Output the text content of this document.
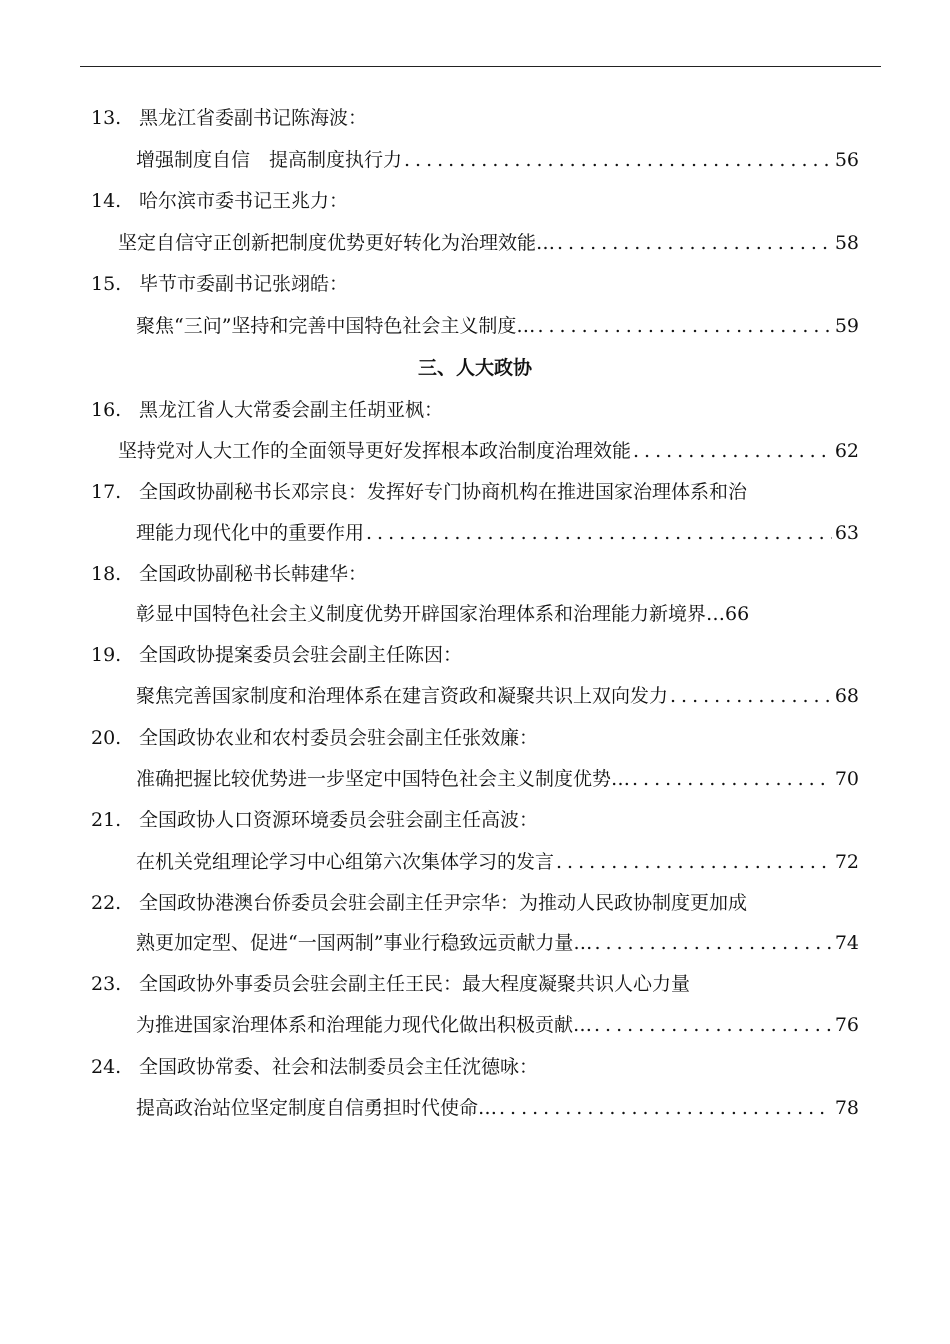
13. 黑龙江省委副书记陈海波：
增强制度自信　提高制度执行力 .....	56
14. 哈尔滨市委书记王兆力：
坚定自信守正创新把制度优势更好转化为治理效能… .....	58
15. 毕节市委副书记张翊皓：
聚焦“三问”坚持和完善中国特色社会主义制度… .....	59
三、人大政协
16. 黑龙江省人大常委会副主任胡亚枫：
坚持党对人大工作的全面领导更好发挥根本政治制度治理效能 .....	62
17. 全国政协副秘书长邓宗良：发挥好专门协商机构在推进国家治理体系和治
理能力现代化中的重要作用 .....	63
18. 全国政协副秘书长韩建华：
彰显中国特色社会主义制度优势开辟国家治理体系和治理能力新境界… 66
19. 全国政协提案委员会驻会副主任陈因：
聚焦完善国家制度和治理体系在建言资政和凝聚共识上双向发力 .....	68
20. 全国政协农业和农村委员会驻会副主任张效廉：
准确把握比较优势进一步坚定中国特色社会主义制度优势… .....	70
21. 全国政协人口资源环境委员会驻会副主任高波：
在机关党组理论学习中心组第六次集体学习的发言 .....	72
22. 全国政协港澳台侨委员会驻会副主任尹宗华：为推动人民政协制度更加成
熟更加定型、促进“一国两制”事业行稳致远贡献力量… .....	74
23. 全国政协外事委员会驻会副主任王民：最大程度凝聚共识人心力量
为推进国家治理体系和治理能力现代化做出积极贡献… .....	76
24. 全国政协常委、社会和法制委员会主任沈德咏：
提高政治站位坚定制度自信勇担时代使命… .....	78
